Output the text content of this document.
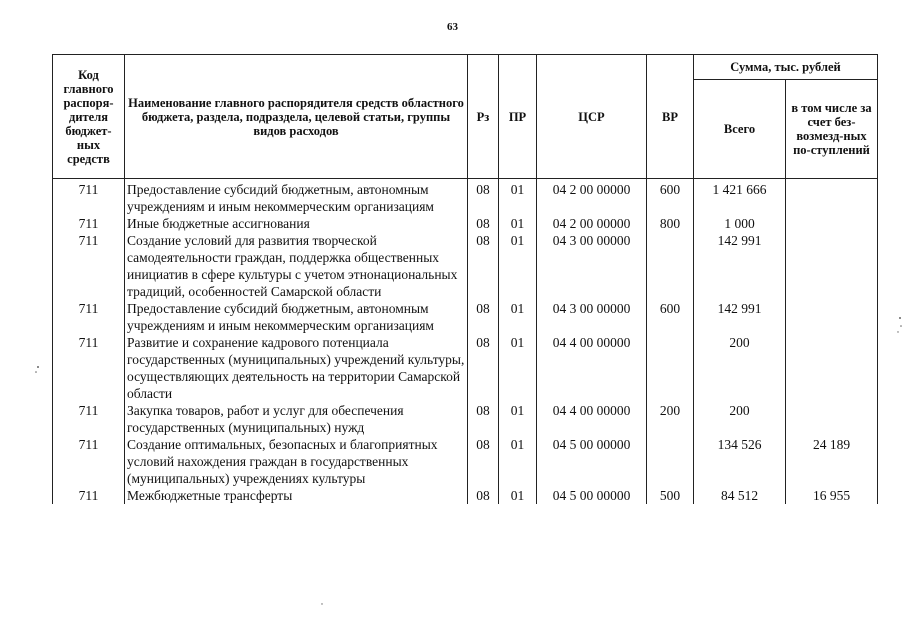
63
Код главного распоря-дителя бюджет-ных средств	Наименование главного распорядителя средств областного бюджета, раздела, подраздела, целевой статьи, группы видов расходов	Рз	ПР	ЦСР	ВР	Сумма, тыс. рублей	
						Всего	в том числе за счет без-возмезд-ных по-ступлений
711	Предоставление субсидий бюджетным, автономным учреждениям и иным некоммерческим организациям	08	01	04 2 00 00000	600	1 421 666	
711	Иные бюджетные ассигнования	08	01	04 2 00 00000	800	1 000	
711	Создание условий для развития творческой самодеятельности граждан, поддержка общественных инициатив в сфере культуры с учетом этнонациональных традиций, особенностей Самарской области	08	01	04 3 00 00000		142 991	
711	Предоставление субсидий бюджетным, автономным учреждениям и иным некоммерческим организациям	08	01	04 3 00 00000	600	142 991	
711	Развитие и сохранение кадрового потенциала государственных (муниципальных) учреждений культуры, осуществляющих деятельность на территории Самарской области	08	01	04 4 00 00000		200	
711	Закупка товаров, работ и услуг для обеспечения государственных (муниципальных) нужд	08	01	04 4 00 00000	200	200	
711	Создание оптимальных, безопасных и благоприятных условий нахождения граждан в государственных (муниципальных) учреждениях культуры	08	01	04 5 00 00000		134 526	24 189
711	Межбюджетные трансферты	08	01	04 5 00 00000	500	84 512	16 955
